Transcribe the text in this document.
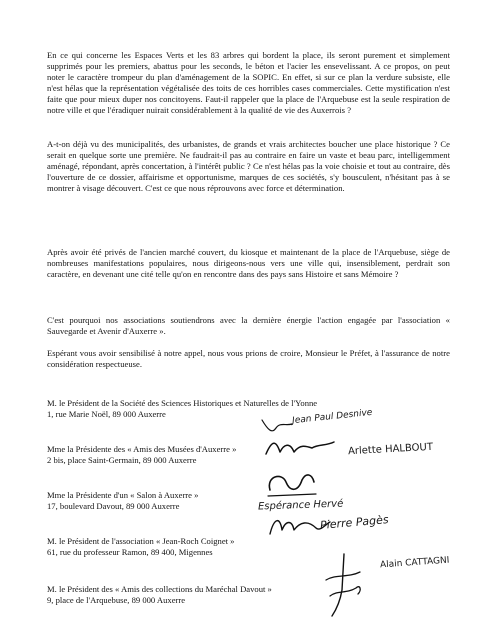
En ce qui concerne les Espaces Verts et les 83 arbres qui bordent la place, ils seront purement et simplement supprimés pour les premiers, abattus pour les seconds, le béton et l'acier les ensevelissant. A ce propos, on peut noter le caractère trompeur du plan d'aménagement de la SOPIC. En effet, si sur ce plan la verdure subsiste, elle n'est hélas que la représentation végétalisée des toits de ces horribles cases commerciales. Cette mystification n'est faite que pour mieux duper nos concitoyens. Faut-il rappeler que la place de l'Arquebuse est la seule respiration de notre ville et que l'éradiquer nuirait considérablement à la qualité de vie des Auxerrois ?

A-t-on déjà vu des municipalités, des urbanistes, de grands et vrais architectes boucher une place historique ? Ce serait en quelque sorte une première. Ne faudrait-il pas au contraire en faire un vaste et beau parc, intelligemment aménagé, répondant, après concertation, à l'intérêt public ? Ce n'est hélas pas la voie choisie et tout au contraire, dès l'ouverture de ce dossier, affairisme et opportunisme, marques de ces sociétés, s'y bousculent, n'hésitant pas à se montrer à visage découvert. C'est ce que nous réprouvons avec force et détermination.

Après avoir été privés de l'ancien marché couvert, du kiosque et maintenant de la place de l'Arquebuse, siège de nombreuses manifestations populaires, nous dirigeons-nous vers une ville qui, insensiblement, perdrait son caractère, en devenant une cité telle qu'on en rencontre dans des pays sans Histoire et sans Mémoire ?

C'est pourquoi nos associations soutiendrons avec la dernière énergie l'action engagée par l'association « Sauvegarde et Avenir d'Auxerre ».

Espérant vous avoir sensibilisé à notre appel, nous vous prions de croire, Monsieur le Préfet, à l'assurance de notre considération respectueuse.

M. le Président de la Société des Sciences Historiques et Naturelles de l'Yonne
1, rue Marie Noël, 89 000 Auxerre	Jean Paul Desnive
Mme la Présidente des « Amis des Musées d'Auxerre »
2 bis, place Saint-Germain, 89 000 Auxerre
Arlette HALBOUT
Mme la Présidente d'un « Salon à Auxerre »
17, boulevard Davout, 89 000 Auxerre	Espérance Hervé
M. le Président de l'association « Jean-Roch Coignet »
61, rue du professeur Ramon, 89 400, Migennes
Pierre Pagès
M. le Président des « Amis des collections du Maréchal Davout »
9, place de l'Arquebuse, 89 000 Auxerre
Alain CATTAGNI
